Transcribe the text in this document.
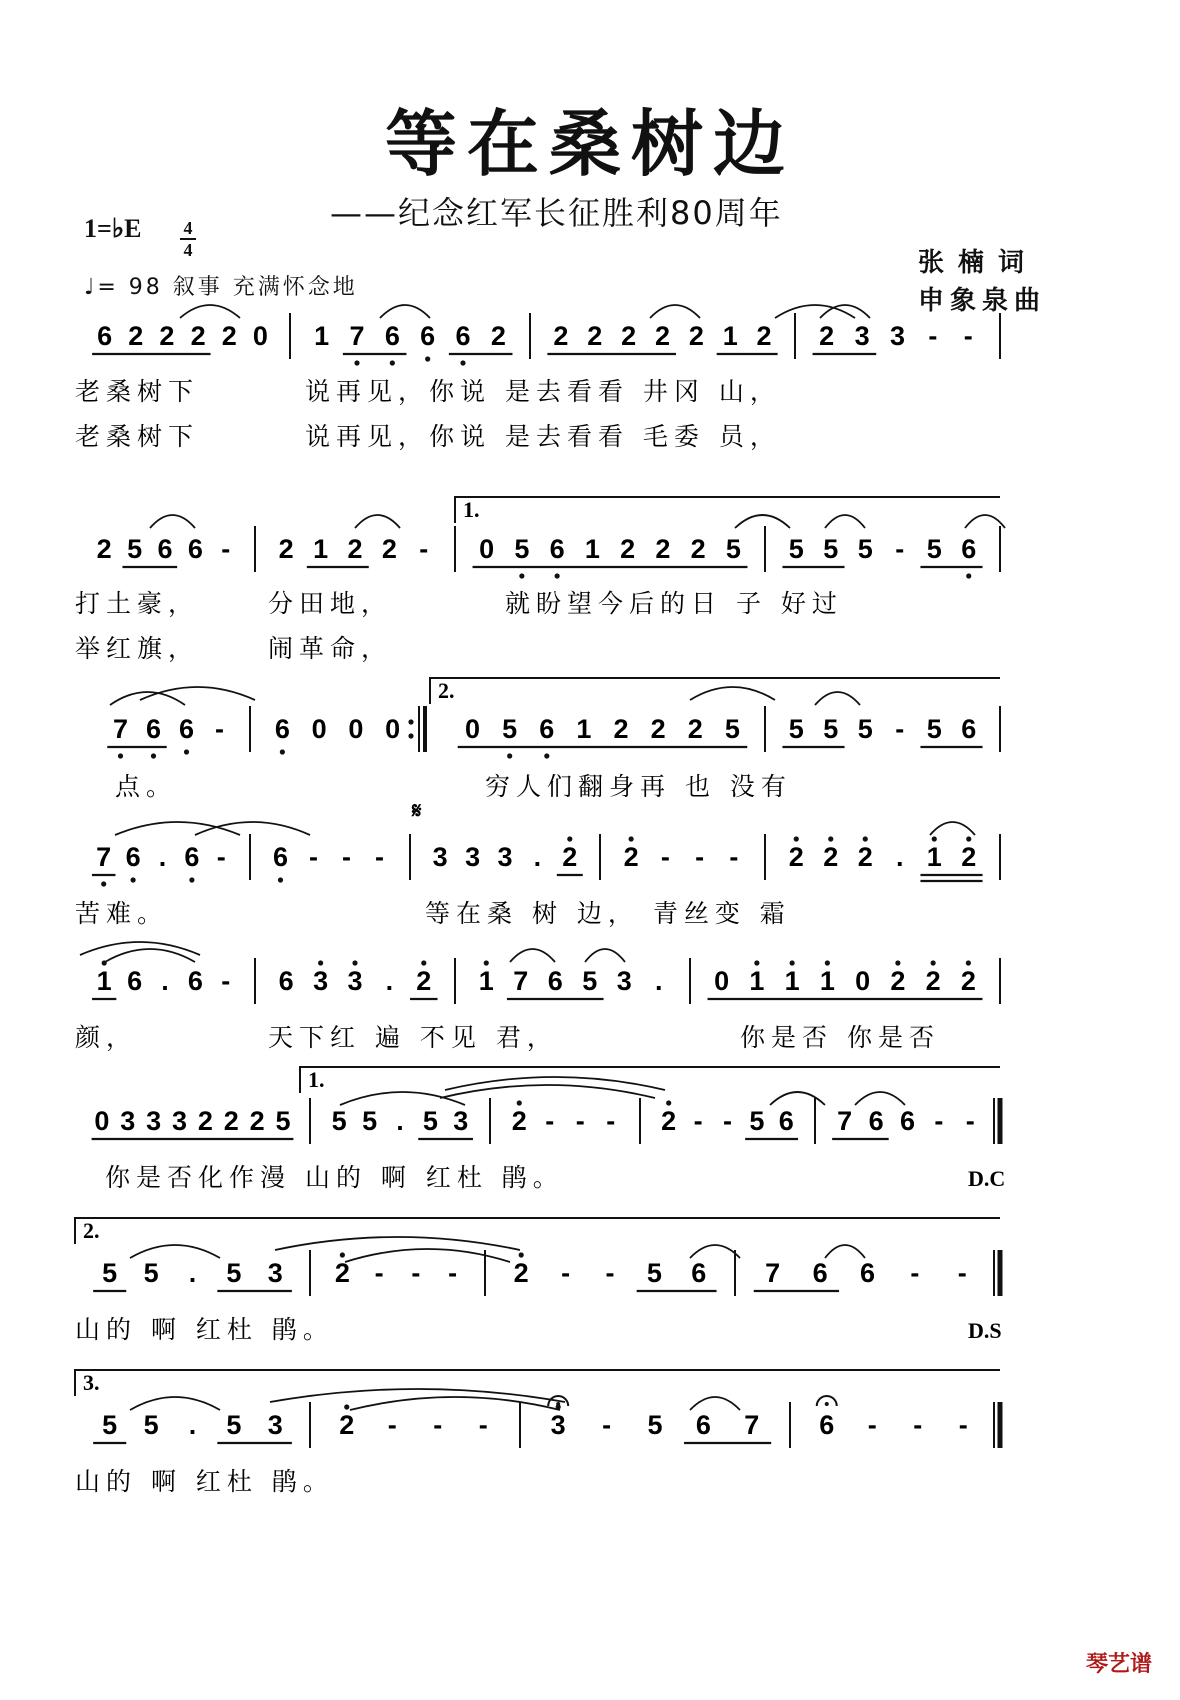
等在桑树边
——纪念红军长征胜利80周年
1=♭E 4
4
♩= 98 叙事 充满怀念地
张楠词
申象泉曲
6 2 2 2 2 0 1 7 6 6 6 2 2 2 2 2 2 1 2 2 3 3 - -
老桑树下	说再见，你说 是去看看 井冈 山，
老桑树下	说再见，你说 是去看看 毛委 员，
2 5 6 6 - 2 1 2 2 - 0 5 6 1 2 2 2 5 5 5 5 - 5 6
打土豪，	分田地，	就盼望今后的日 子 好过
举红旗，	闹革命，
7 6 6 - 6 0 0 0 0 5 6 1 2 2 2 5 5 5 5 - 5 6
点。	穷人们翻身再 也 没有
7 6 . 6 - 6 - - - 3 3 3 . 2 2 - - - 2 2 2 . 1 2
苦难。	等在桑 树 边， 青丝变 霜
1 6 . 6 - 6 3 3 . 2 1 7 6 5 3 . 0 1 1 1 0 2 2 2
颜，	天下红 遍 不见 君，	你是否 你是否
0 3 3 3 2 2 2 5 5 5 . 5 3 2 - - - 2 - - 5 6 7 6 6 - -
你是否化作漫 山的 啊 红杜 鹃。
5 5 . 5 3 2 - - - 2 - - 5 6 7 6 6 - -
山的 啊 红杜 鹃。
5 5 . 5 3 2 - - - 3 - 5 6 7 6 - - -
山的 啊 红杜 鹃。
1.
2.
1.
2.
3.
D.C
D.S
𝄋
琴艺谱
